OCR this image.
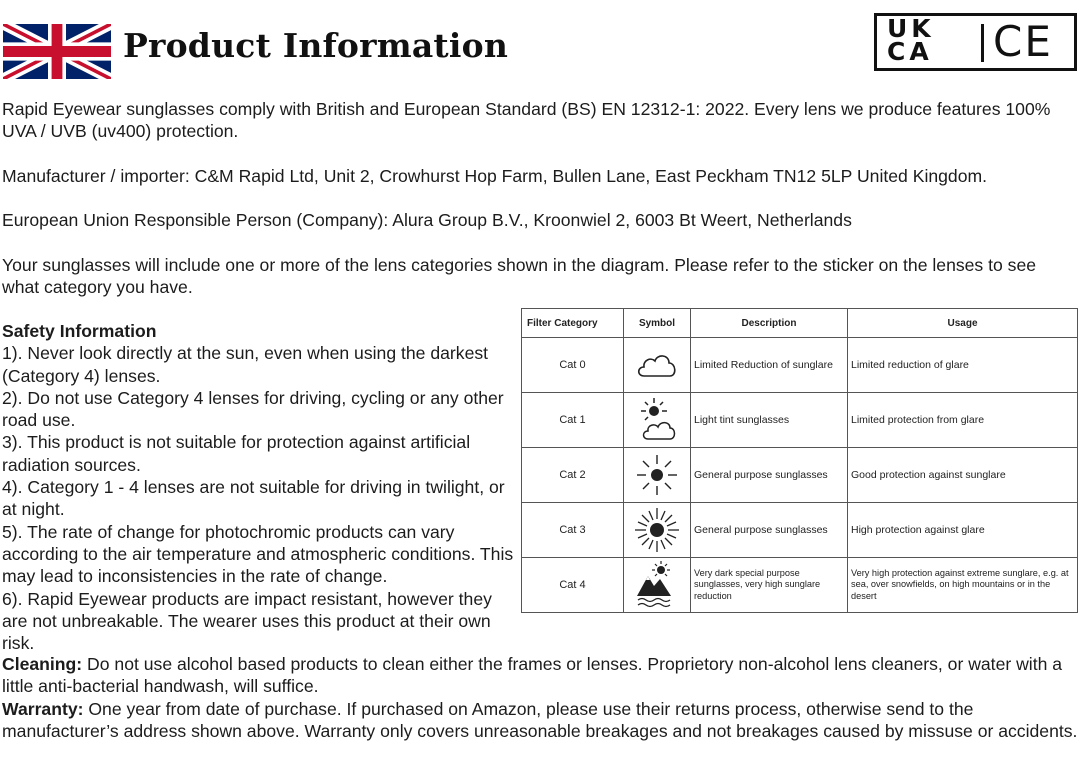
Product Information	UK
CA CE
Rapid Eyewear sunglasses comply with British and European Standard (BS) EN 12312-1: 2022. Every lens we produce features 100% UVA / UVB (uv400) protection.
Manufacturer / importer: C&M Rapid Ltd, Unit 2, Crowhurst Hop Farm, Bullen Lane, East Peckham TN12 5LP United Kingdom.
European Union Responsible Person (Company): Alura Group B.V., Kroonwiel 2, 6003 Bt Weert, Netherlands
Your sunglasses will include one or more of the lens categories shown in the diagram. Please refer to the sticker on the lenses to see what category you have.
Safety Information
1). Never look directly at the sun, even when using the darkest (Category 4) lenses.
2). Do not use Category 4 lenses for driving, cycling or any other road use.
3). This product is not suitable for protection against artificial radiation sources.
4). Category 1 - 4 lenses are not suitable for driving in twilight, or at night.
5). The rate of change for photochromic products can vary according to the air temperature and atmospheric conditions. This may lead to inconsistencies in the rate of change.
6). Rapid Eyewear products are impact resistant, however they are not unbreakable. The wearer uses this product at their own risk.
Filter Category	Symbol	Description	Usage
Cat 0		Limited Reduction of sunglare	Limited reduction of glare
Cat 1		Light tint sunglasses	Limited protection from glare
Cat 2		General purpose sunglasses	Good protection against sunglare
Cat 3		General purpose sunglasses	High protection against glare
Cat 4		Very dark special purpose sunglasses, very high sunglare reduction	Very high protection against extreme sunglare, e.g. at sea, over snowfields, on high mountains or in the desert
Cleaning: Do not use alcohol based products to clean either the frames or lenses. Proprietory non-alcohol lens cleaners, or water with a little anti-bacterial handwash, will suffice.
Warranty: One year from date of purchase. If purchased on Amazon, please use their returns process, otherwise send to the manufacturer’s address shown above. Warranty only covers unreasonable breakages and not breakages caused by missuse or accidents.
